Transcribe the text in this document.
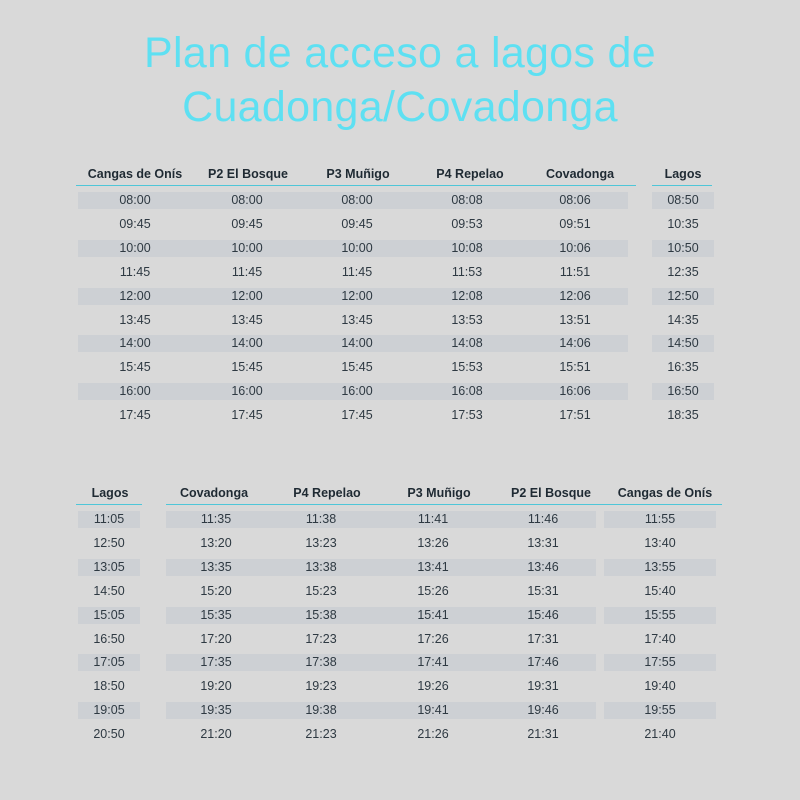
Plan de acceso a lagos de
Cuadonga/Covadonga
Cangas de Onís	P2 El Bosque	P3 Muñigo	P4 Repelao	Covadonga	Lagos
08:00	08:00	08:00	08:08	08:06	08:50
09:45	09:45	09:45	09:53	09:51	10:35
10:00	10:00	10:00	10:08	10:06	10:50
11:45	11:45	11:45	11:53	11:51	12:35
12:00	12:00	12:00	12:08	12:06	12:50
13:45	13:45	13:45	13:53	13:51	14:35
14:00	14:00	14:00	14:08	14:06	14:50
15:45	15:45	15:45	15:53	15:51	16:35
16:00	16:00	16:00	16:08	16:06	16:50
17:45	17:45	17:45	17:53	17:51	18:35
Lagos	Covadonga	P4 Repelao	P3 Muñigo	P2 El Bosque	Cangas de Onís
11:05	11:35	11:38	11:41	11:46	11:55
12:50	13:20	13:23	13:26	13:31	13:40
13:05	13:35	13:38	13:41	13:46	13:55
14:50	15:20	15:23	15:26	15:31	15:40
15:05	15:35	15:38	15:41	15:46	15:55
16:50	17:20	17:23	17:26	17:31	17:40
17:05	17:35	17:38	17:41	17:46	17:55
18:50	19:20	19:23	19:26	19:31	19:40
19:05	19:35	19:38	19:41	19:46	19:55
20:50	21:20	21:23	21:26	21:31	21:40
